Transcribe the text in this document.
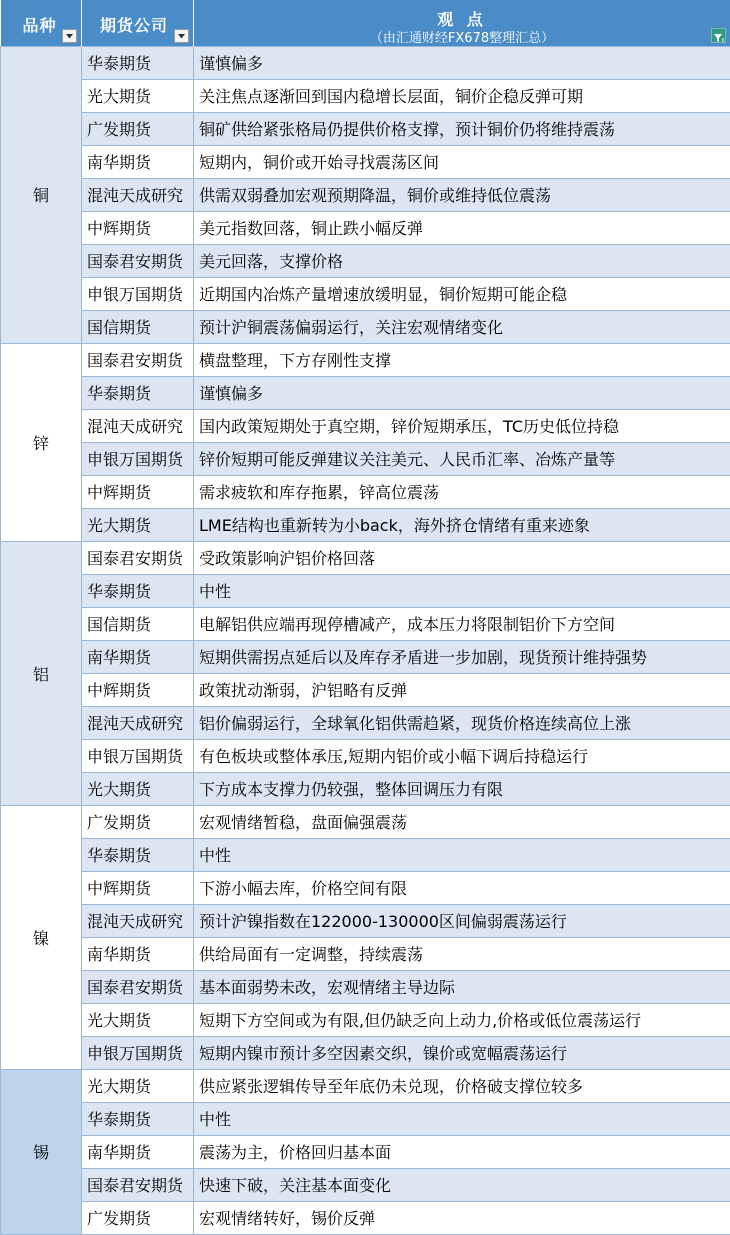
品种	期货公司	观 点
（由汇通财经FX678整理汇总）

铜	华泰期货	谨慎偏多
	光大期货	关注焦点逐渐回到国内稳增长层面，铜价企稳反弹可期
	广发期货	铜矿供给紧张格局仍提供价格支撑，预计铜价仍将维持震荡
	南华期货	短期内，铜价或开始寻找震荡区间
	混沌天成研究	供需双弱叠加宏观预期降温，铜价或维持低位震荡
	中辉期货	美元指数回落，铜止跌小幅反弹
	国泰君安期货	美元回落，支撑价格
	申银万国期货	近期国内冶炼产量增速放缓明显，铜价短期可能企稳
	国信期货	预计沪铜震荡偏弱运行，关注宏观情绪变化
锌	国泰君安期货	横盘整理，下方存刚性支撑
	华泰期货	谨慎偏多
	混沌天成研究	国内政策短期处于真空期，锌价短期承压，TC历史低位持稳
	申银万国期货	锌价短期可能反弹建议关注美元、人民币汇率、冶炼产量等
	中辉期货	需求疲软和库存拖累，锌高位震荡
	光大期货	LME结构也重新转为小back，海外挤仓情绪有重来迹象
铝	国泰君安期货	受政策影响沪铝价格回落
	华泰期货	中性
	国信期货	电解铝供应端再现停槽减产，成本压力将限制铝价下方空间
	南华期货	短期供需拐点延后以及库存矛盾进一步加剧，现货预计维持强势
	中辉期货	政策扰动渐弱，沪铝略有反弹
	混沌天成研究	铝价偏弱运行，全球氧化铝供需趋紧，现货价格连续高位上涨
	申银万国期货	有色板块或整体承压,短期内铝价或小幅下调后持稳运行
	光大期货	下方成本支撑力仍较强，整体回调压力有限
镍	广发期货	宏观情绪暂稳，盘面偏强震荡
	华泰期货	中性
	中辉期货	下游小幅去库，价格空间有限
	混沌天成研究	预计沪镍指数在122000-130000区间偏弱震荡运行
	南华期货	供给局面有一定调整，持续震荡
	国泰君安期货	基本面弱势未改，宏观情绪主导边际
	光大期货	短期下方空间或为有限,但仍缺乏向上动力,价格或低位震荡运行
	申银万国期货	短期内镍市预计多空因素交织，镍价或宽幅震荡运行
锡	光大期货	供应紧张逻辑传导至年底仍未兑现，价格破支撑位较多
	华泰期货	中性
	南华期货	震荡为主，价格回归基本面
	国泰君安期货	快速下破，关注基本面变化
	广发期货	宏观情绪转好，锡价反弹
